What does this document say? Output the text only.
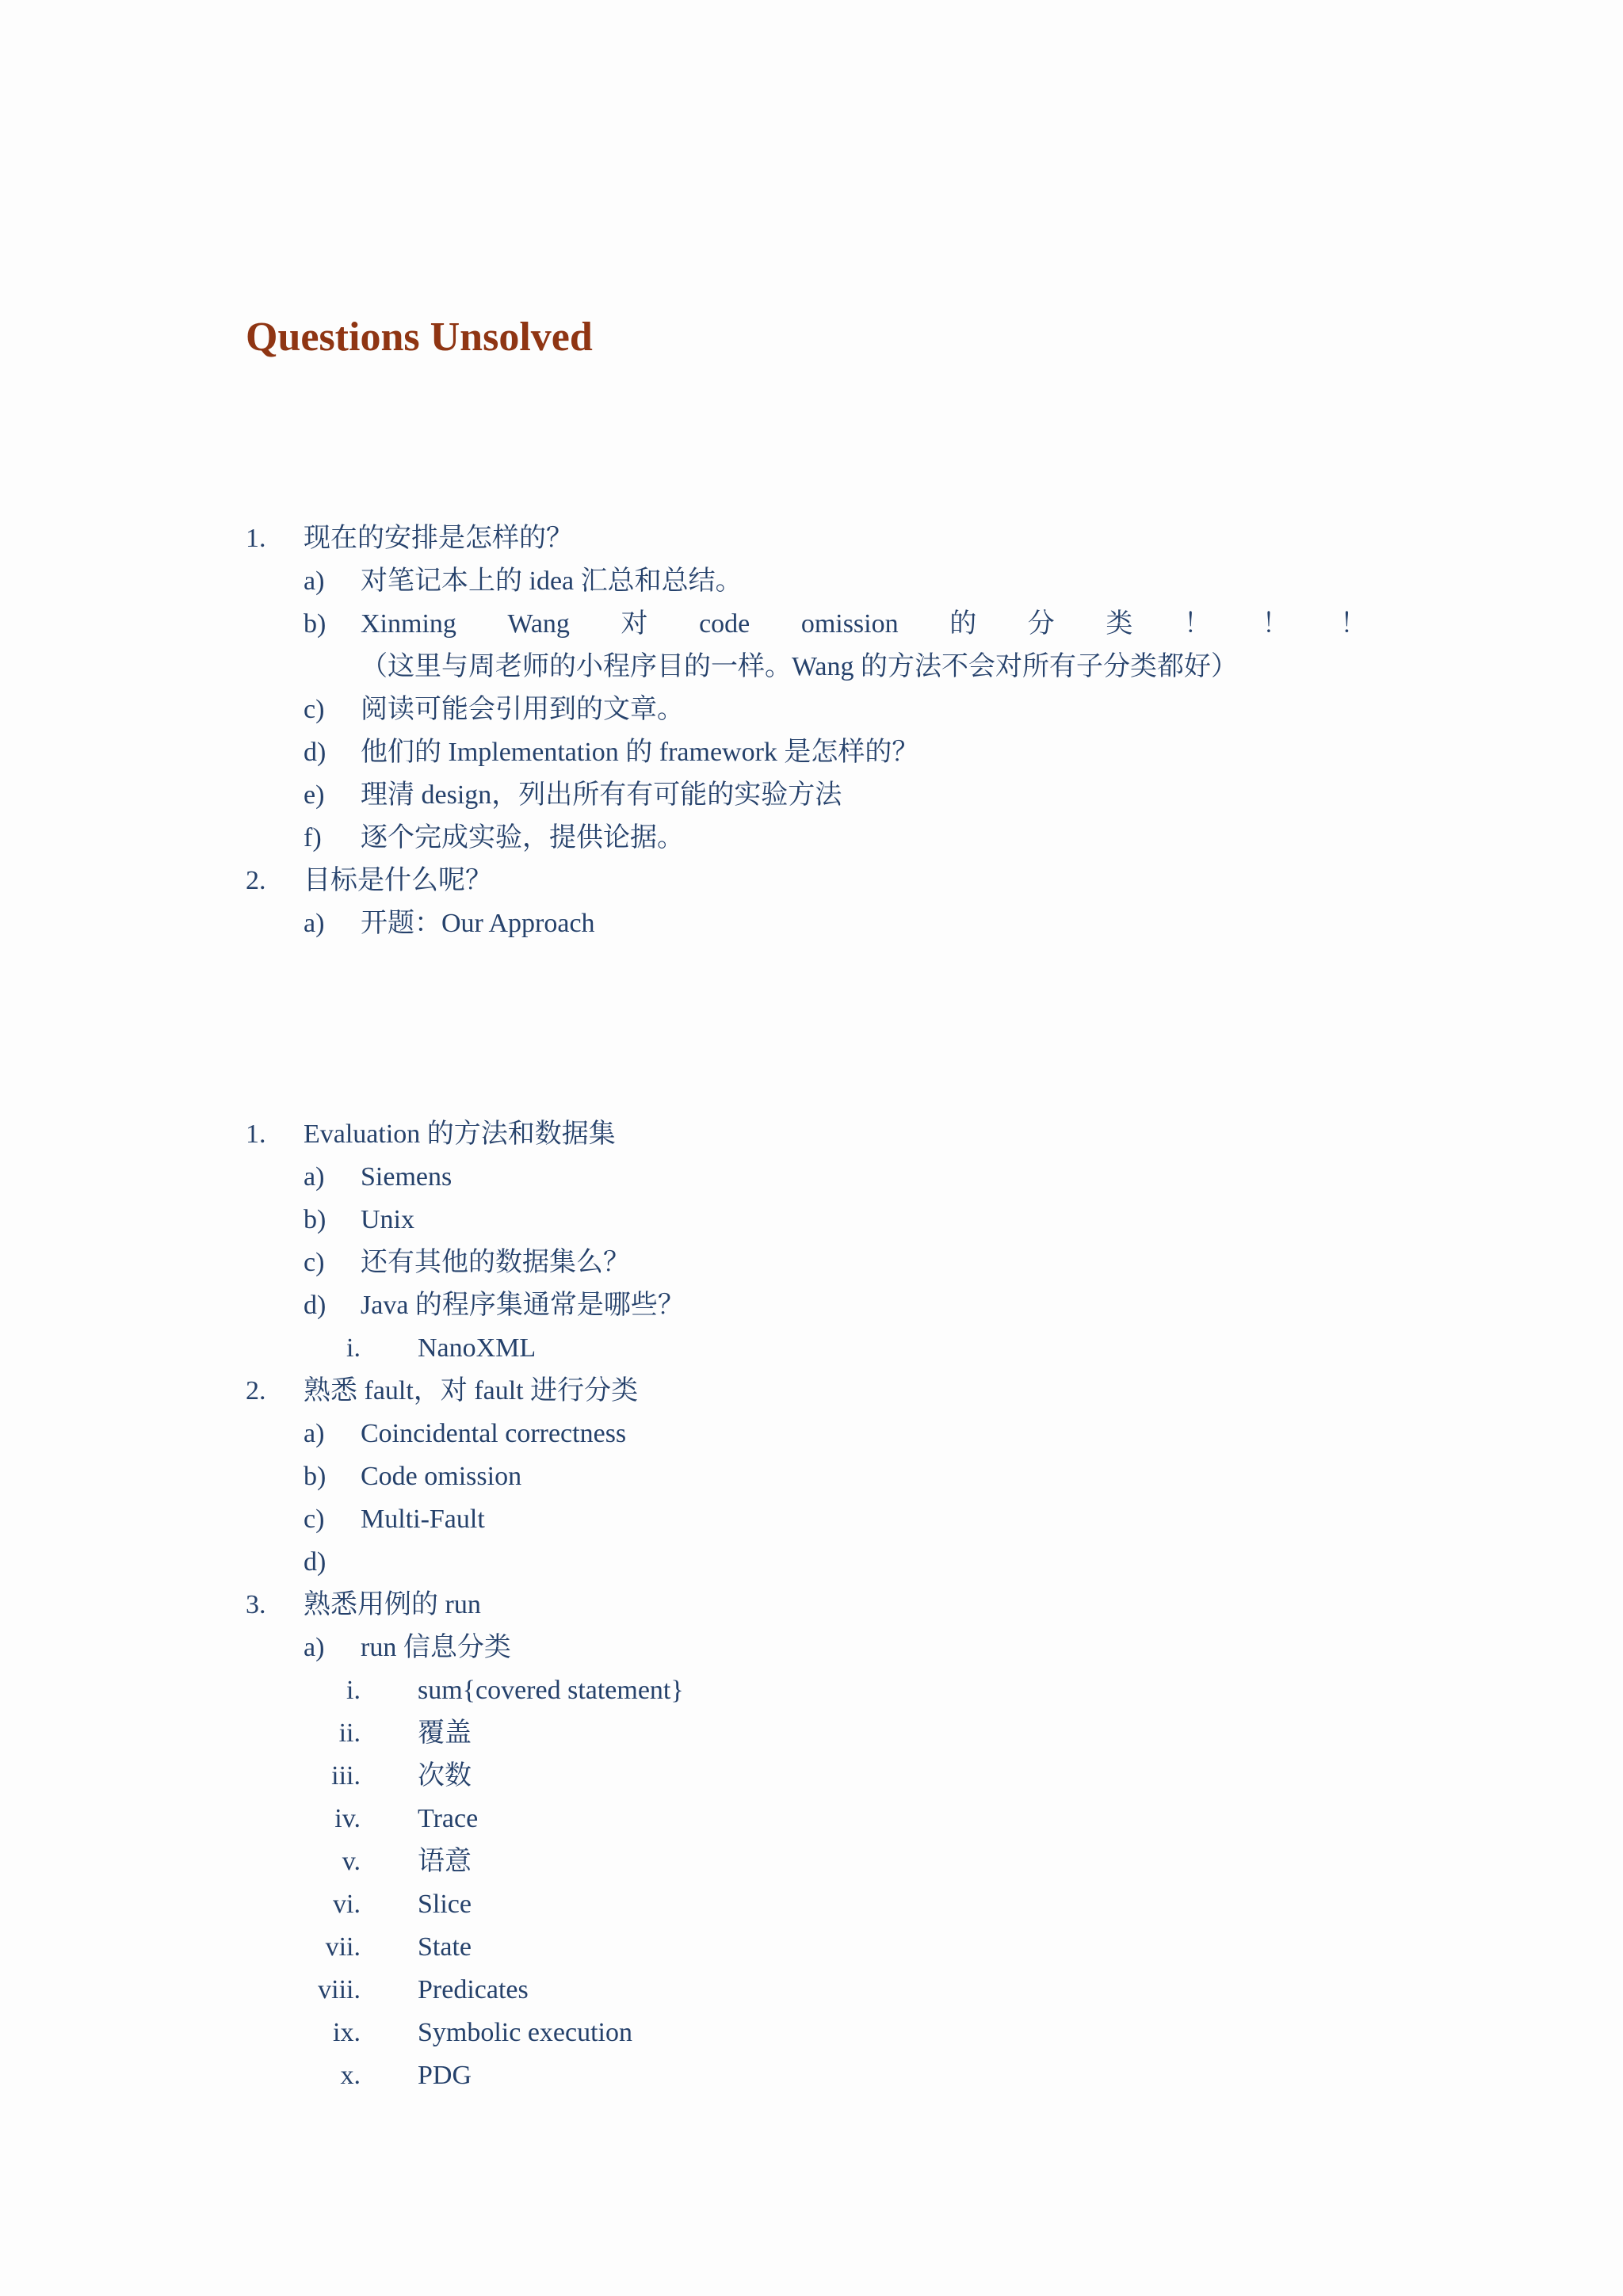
Questions Unsolved
1. 现在的安排是怎样的？
a) 对笔记本上的 idea 汇总和总结。
b) Xinming Wang 对 code omission 的 分 类 ！ ！ ！
（这里与周老师的小程序目的一样。Wang 的方法不会对所有子分类都好）
c) 阅读可能会引用到的文章。
d) 他们的 Implementation 的 framework 是怎样的？
e) 理清 design，列出所有有可能的实验方法
f) 逐个完成实验，提供论据。
2. 目标是什么呢？
a) 开题：Our Approach
1. Evaluation 的方法和数据集
a) Siemens
b) Unix
c) 还有其他的数据集么？
d) Java 的程序集通常是哪些？
i. NanoXML
2. 熟悉 fault，对 fault 进行分类
a) Coincidental correctness
b) Code omission
c) Multi-Fault
d)
3. 熟悉用例的 run
a) run 信息分类
i. sum{covered statement}
ii. 覆盖
iii. 次数
iv. Trace
v. 语意
vi. Slice
vii. State
viii. Predicates
ix. Symbolic execution
x. PDG
